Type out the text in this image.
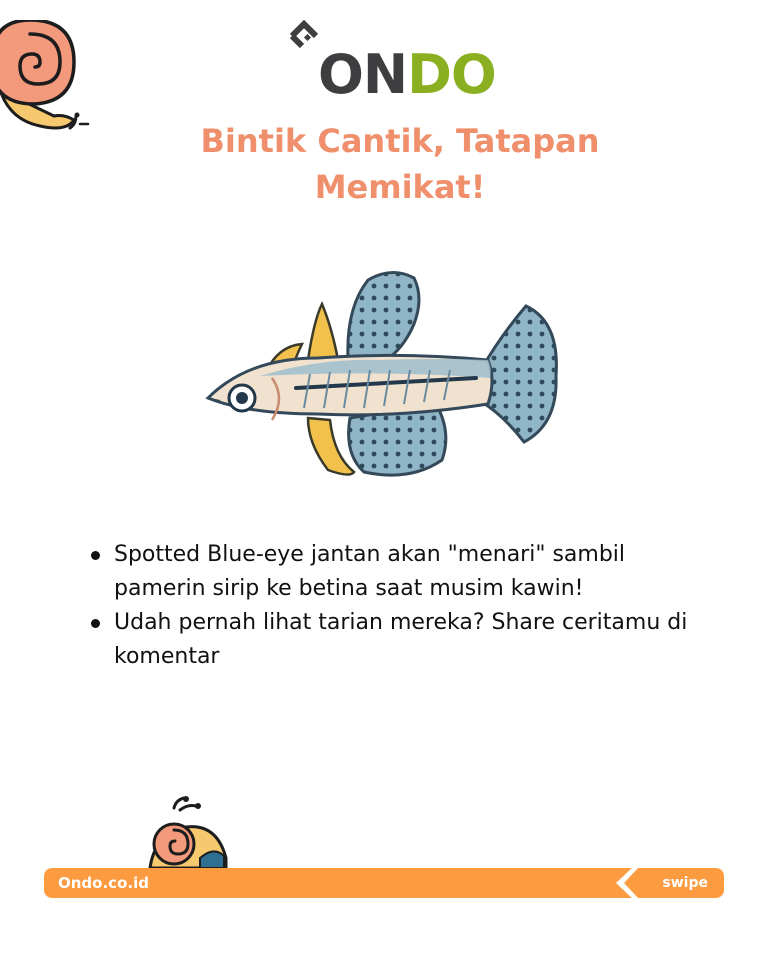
ONDO
Bintik Cantik, Tatapan
Memikat!
Spotted Blue-eye jantan akan "menari" sambil pamerin sirip ke betina saat musim kawin!
Udah pernah lihat tarian mereka? Share ceritamu di komentar
Ondo.co.id	swipe
